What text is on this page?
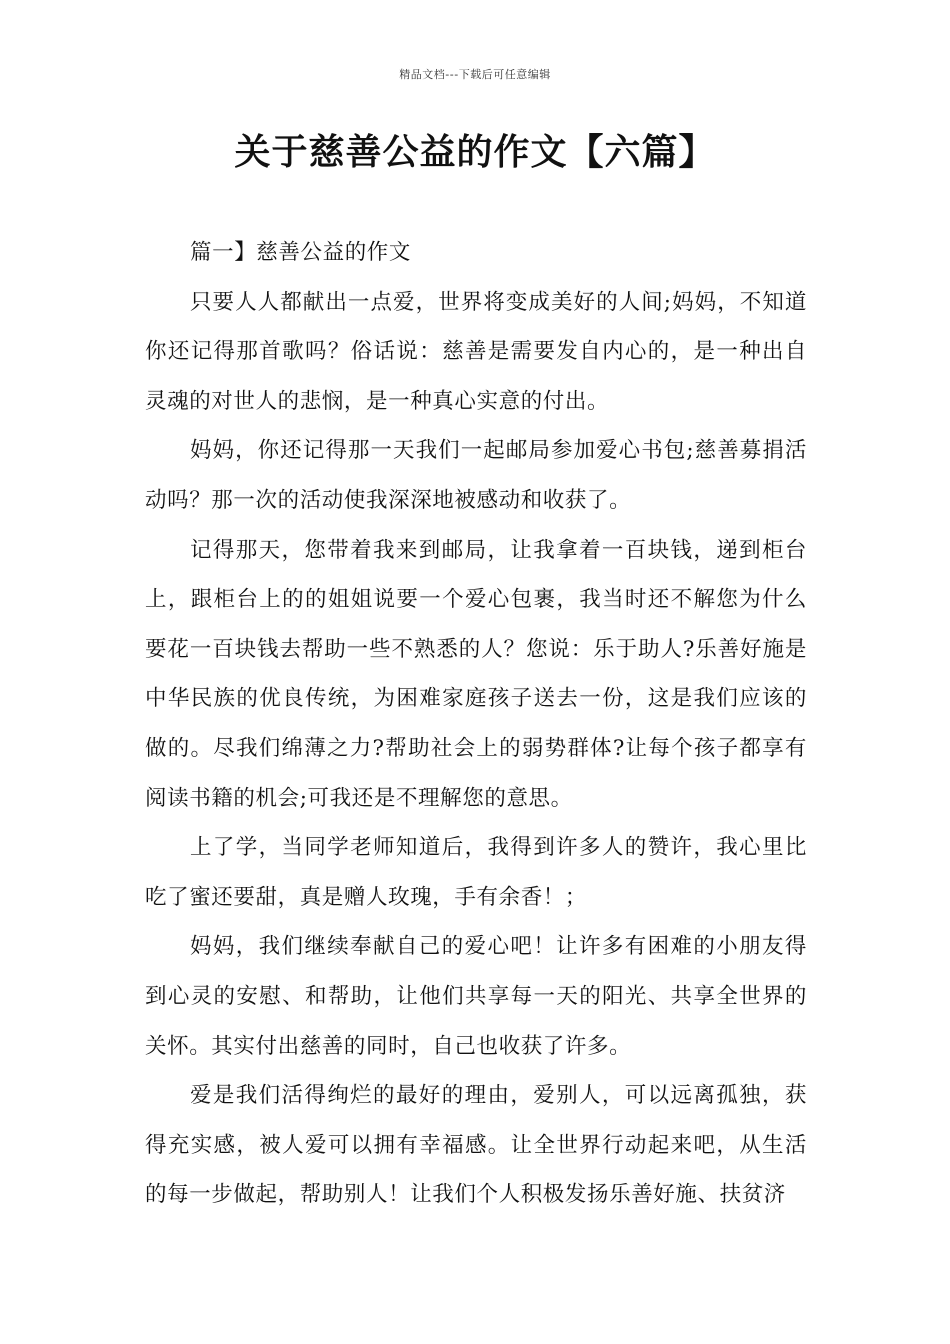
精品文档---下载后可任意编辑
关于慈善公益的作文【六篇】

篇一】慈善公益的作文

只要人人都献出一点爱，世界将变成美好的人间;妈妈，不知道你还记得那首歌吗？俗话说：慈善是需要发自内心的，是一种出自灵魂的对世人的悲悯，是一种真心实意的付出。

妈妈，你还记得那一天我们一起邮局参加爱心书包;慈善募捐活动吗？那一次的活动使我深深地被感动和收获了。

记得那天，您带着我来到邮局，让我拿着一百块钱，递到柜台上，跟柜台上的的姐姐说要一个爱心包裹，我当时还不解您为什么要花一百块钱去帮助一些不熟悉的人？您说：乐于助人?乐善好施是中华民族的优良传统，为困难家庭孩子送去一份，这是我们应该的做的。尽我们绵薄之力?帮助社会上的弱势群体?让每个孩子都享有阅读书籍的机会;可我还是不理解您的意思。

上了学，当同学老师知道后，我得到许多人的赞许，我心里比吃了蜜还要甜，真是赠人玫瑰，手有余香！；

妈妈，我们继续奉献自己的爱心吧！让许多有困难的小朋友得到心灵的安慰、和帮助，让他们共享每一天的阳光、共享全世界的关怀。其实付出慈善的同时，自己也收获了许多。

爱是我们活得绚烂的最好的理由，爱别人，可以远离孤独，获得充实感，被人爱可以拥有幸福感。让全世界行动起来吧，从生活的每一步做起，帮助别人！让我们个人积极发扬乐善好施、扶贫济
